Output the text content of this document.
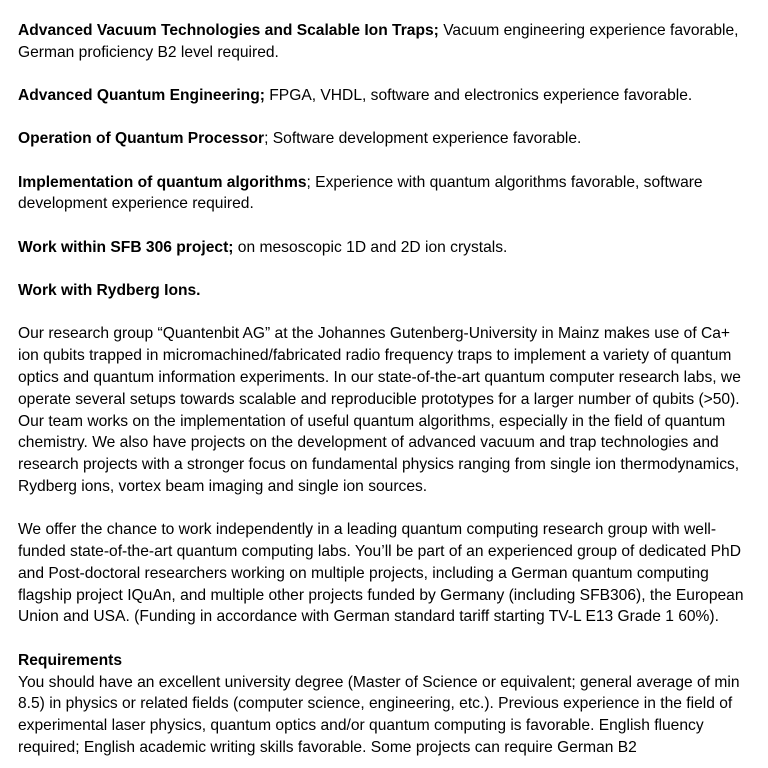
Advanced Vacuum Technologies and Scalable Ion Traps; Vacuum engineering experience favorable, German proficiency B2 level required.

Advanced Quantum Engineering; FPGA, VHDL, software and electronics experience favorable.

Operation of Quantum Processor; Software development experience favorable.

Implementation of quantum algorithms; Experience with quantum algorithms favorable, software development experience required.

Work within SFB 306 project; on mesoscopic 1D and 2D ion crystals.

Work with Rydberg Ions.

Our research group “Quantenbit AG” at the Johannes Gutenberg-University in Mainz makes use of Ca+ ion qubits trapped in micromachined/fabricated radio frequency traps to implement a variety of quantum optics and quantum information experiments. In our state-of-the-art quantum computer research labs, we operate several setups towards scalable and reproducible prototypes for a larger number of qubits (>50). Our team works on the implementation of useful quantum algorithms, especially in the field of quantum chemistry. We also have projects on the development of advanced vacuum and trap technologies and research projects with a stronger focus on fundamental physics ranging from single ion thermodynamics, Rydberg ions, vortex beam imaging and single ion sources.

We offer the chance to work independently in a leading quantum computing research group with well-funded state-of-the-art quantum computing labs. You’ll be part of an experienced group of dedicated PhD and Post-doctoral researchers working on multiple projects, including a German quantum computing flagship project IQuAn, and multiple other projects funded by Germany (including SFB306), the European Union and USA. (Funding in accordance with German standard tariff starting TV-L E13 Grade 1 60%).

Requirements

You should have an excellent university degree (Master of Science or equivalent; general average of min 8.5) in physics or related fields (computer science, engineering, etc.). Previous experience in the field of experimental laser physics, quantum optics and/or quantum computing is favorable. English fluency required; English academic writing skills favorable. Some projects can require German B2
